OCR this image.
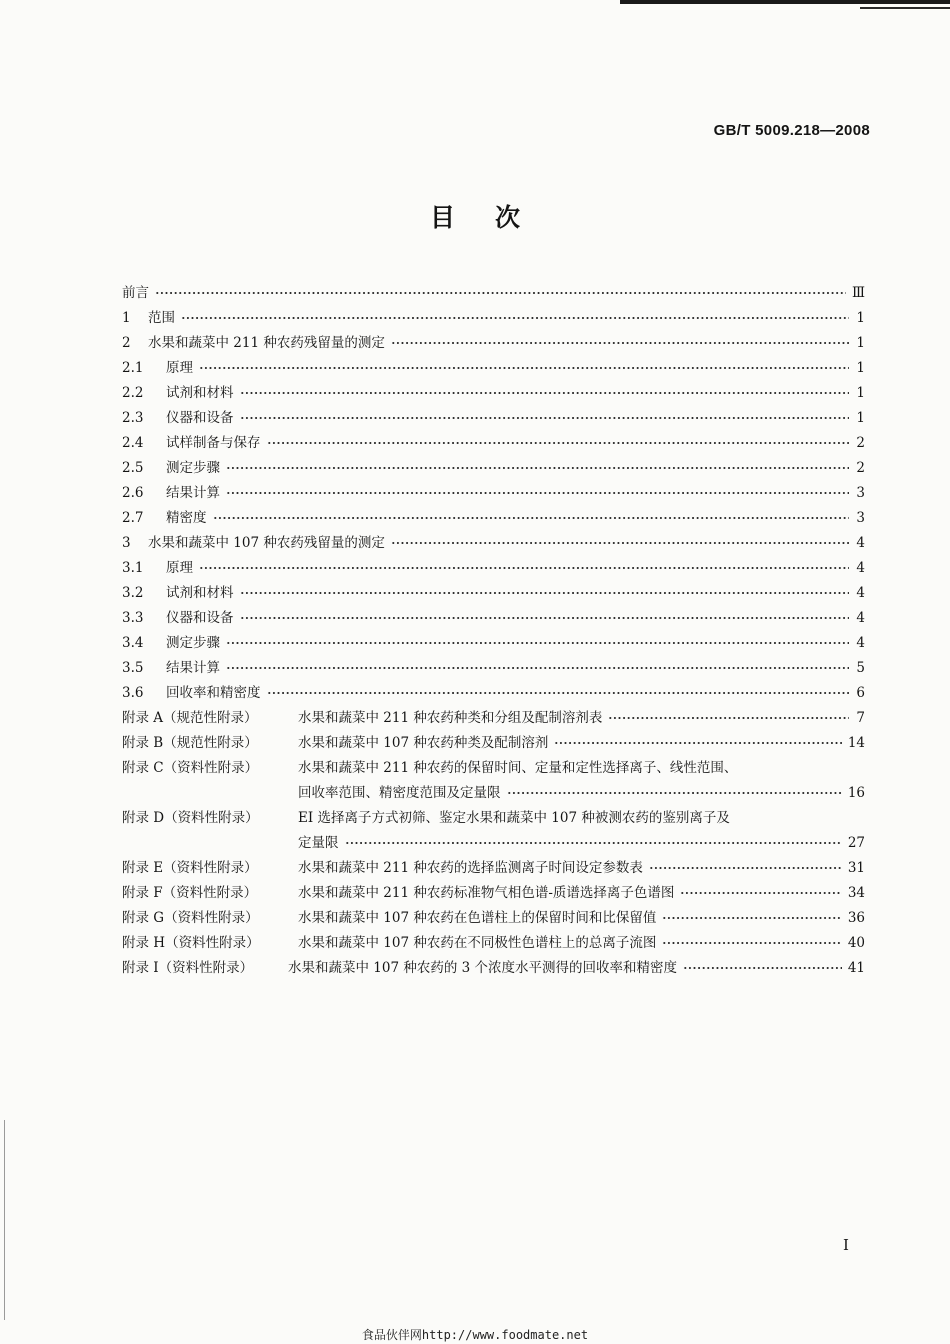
GB/T 5009.218—2008
目次
前言	Ⅲ
1	范围	1
2	水果和蔬菜中 211 种农药残留量的测定	1
2.1	原理	1
2.2	试剂和材料	1
2.3	仪器和设备	1
2.4	试样制备与保存	2
2.5	测定步骤	2
2.6	结果计算	3
2.7	精密度	3
3	水果和蔬菜中 107 种农药残留量的测定	4
3.1	原理	4
3.2	试剂和材料	4
3.3	仪器和设备	4
3.4	测定步骤	4
3.5	结果计算	5
3.6	回收率和精密度	6
附录 A（规范性附录）	水果和蔬菜中 211 种农药种类和分组及配制溶剂表	7
附录 B（规范性附录）	水果和蔬菜中 107 种农药种类及配制溶剂	14
附录 C（资料性附录）	水果和蔬菜中 211 种农药的保留时间、定量和定性选择离子、线性范围、
回收率范围、精密度范围及定量限	16
附录 D（资料性附录）	EI 选择离子方式初筛、鉴定水果和蔬菜中 107 种被测农药的鉴别离子及
定量限	27
附录 E（资料性附录）	水果和蔬菜中 211 种农药的选择监测离子时间设定参数表	31
附录 F（资料性附录）	水果和蔬菜中 211 种农药标准物气相色谱-质谱选择离子色谱图	34
附录 G（资料性附录）	水果和蔬菜中 107 种农药在色谱柱上的保留时间和比保留值	36
附录 H（资料性附录）	水果和蔬菜中 107 种农药在不同极性色谱柱上的总离子流图	40
附录 I（资料性附录）	水果和蔬菜中 107 种农药的 3 个浓度水平测得的回收率和精密度	41
I
食品伙伴网http://www.foodmate.net
